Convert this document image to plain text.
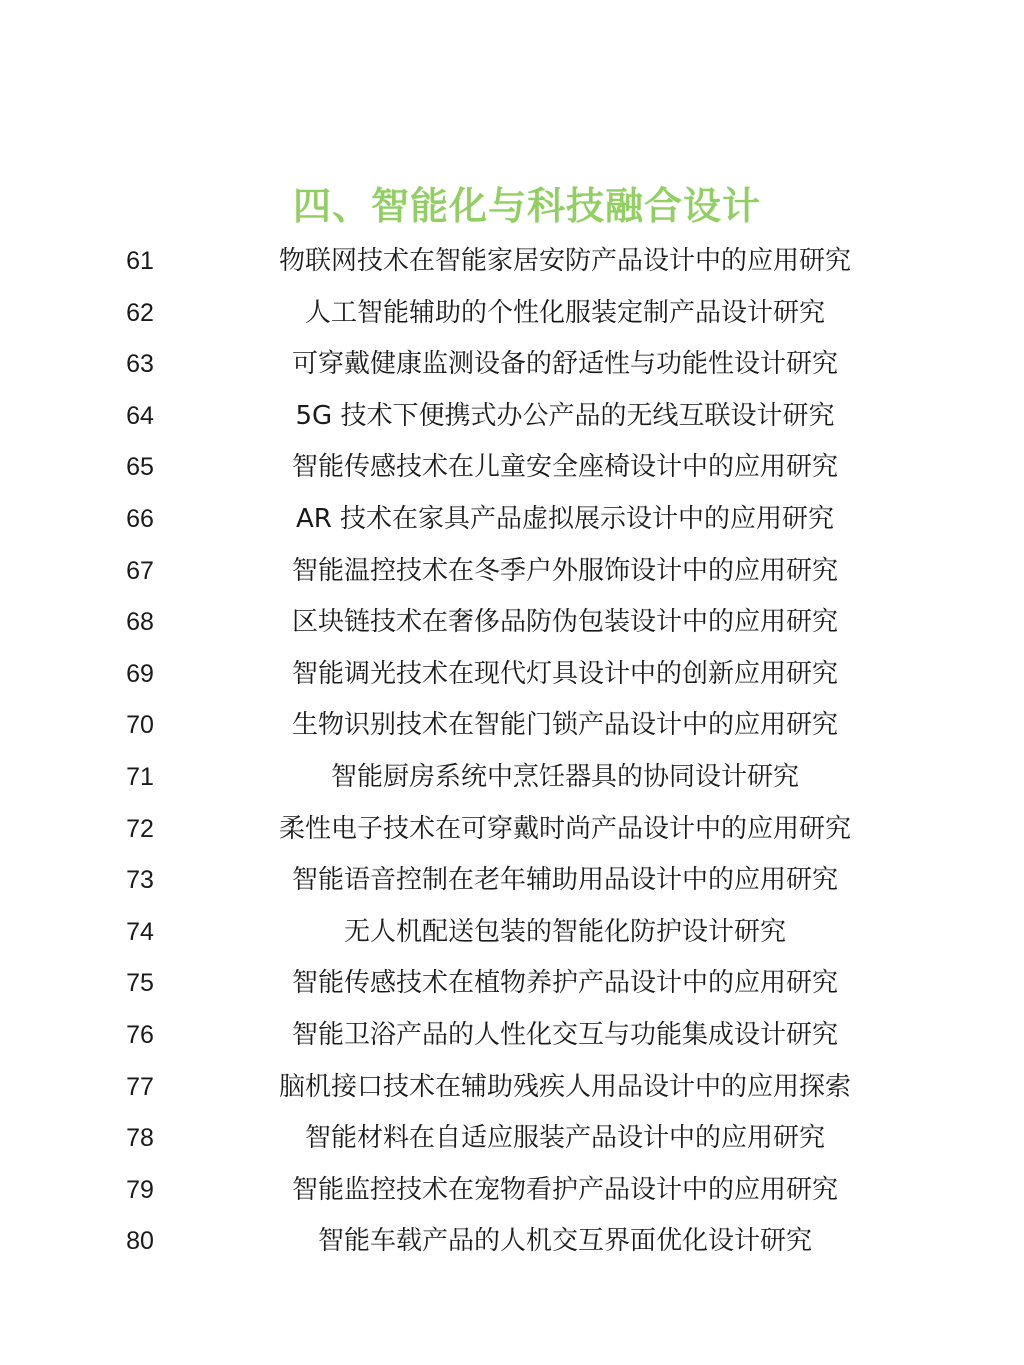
四、智能化与科技融合设计
61	物联网技术在智能家居安防产品设计中的应用研究
62	人工智能辅助的个性化服装定制产品设计研究
63	可穿戴健康监测设备的舒适性与功能性设计研究
64	5G 技术下便携式办公产品的无线互联设计研究
65	智能传感技术在儿童安全座椅设计中的应用研究
66	AR 技术在家具产品虚拟展示设计中的应用研究
67	智能温控技术在冬季户外服饰设计中的应用研究
68	区块链技术在奢侈品防伪包装设计中的应用研究
69	智能调光技术在现代灯具设计中的创新应用研究
70	生物识别技术在智能门锁产品设计中的应用研究
71	智能厨房系统中烹饪器具的协同设计研究
72	柔性电子技术在可穿戴时尚产品设计中的应用研究
73	智能语音控制在老年辅助用品设计中的应用研究
74	无人机配送包装的智能化防护设计研究
75	智能传感技术在植物养护产品设计中的应用研究
76	智能卫浴产品的人性化交互与功能集成设计研究
77	脑机接口技术在辅助残疾人用品设计中的应用探索
78	智能材料在自适应服装产品设计中的应用研究
79	智能监控技术在宠物看护产品设计中的应用研究
80	智能车载产品的人机交互界面优化设计研究
